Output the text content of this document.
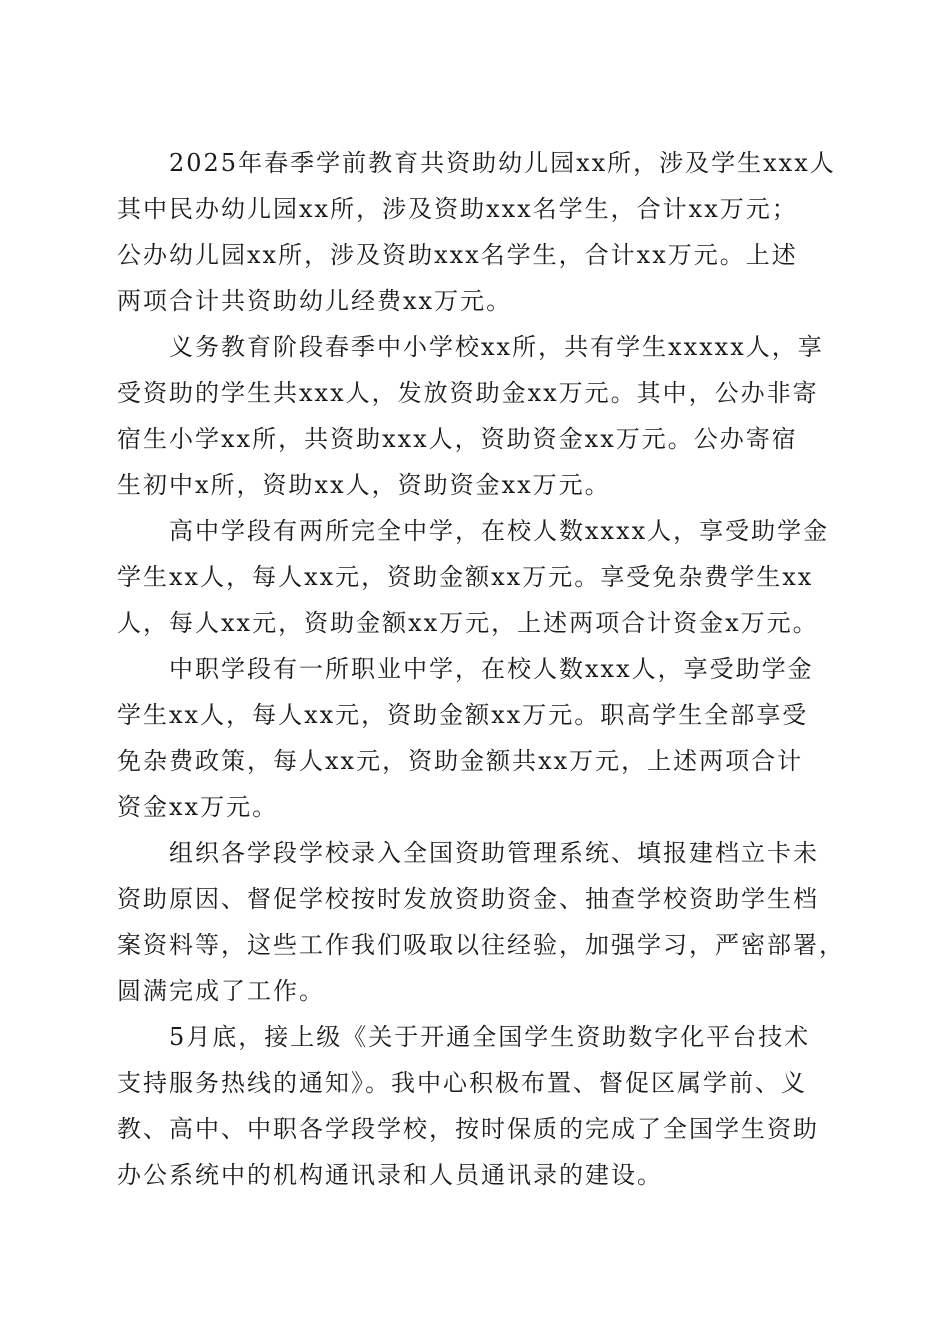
2025年春季学前教育共资助幼儿园xx所，涉及学生xxx人
其中民办幼儿园xx所，涉及资助xxx名学生，合计xx万元；
公办幼儿园xx所，涉及资助xxx名学生，合计xx万元。上述
两项合计共资助幼儿经费xx万元。
义务教育阶段春季中小学校xx所，共有学生xxxxx人，享
受资助的学生共xxx人，发放资助金xx万元。其中，公办非寄
宿生小学xx所，共资助xxx人，资助资金xx万元。公办寄宿
生初中x所，资助xx人，资助资金xx万元。
高中学段有两所完全中学，在校人数xxxx人，享受助学金
学生xx人，每人xx元，资助金额xx万元。享受免杂费学生xx
人，每人xx元，资助金额xx万元，上述两项合计资金x万元。
中职学段有一所职业中学，在校人数xxx人，享受助学金
学生xx人，每人xx元，资助金额xx万元。职高学生全部享受
免杂费政策，每人xx元，资助金额共xx万元，上述两项合计
资金xx万元。
组织各学段学校录入全国资助管理系统、填报建档立卡未
资助原因、督促学校按时发放资助资金、抽查学校资助学生档
案资料等，这些工作我们吸取以往经验，加强学习，严密部署，
圆满完成了工作。
5月底，接上级《关于开通全国学生资助数字化平台技术
支持服务热线的通知》。我中心积极布置、督促区属学前、义
教、高中、中职各学段学校，按时保质的完成了全国学生资助
办公系统中的机构通讯录和人员通讯录的建设。
